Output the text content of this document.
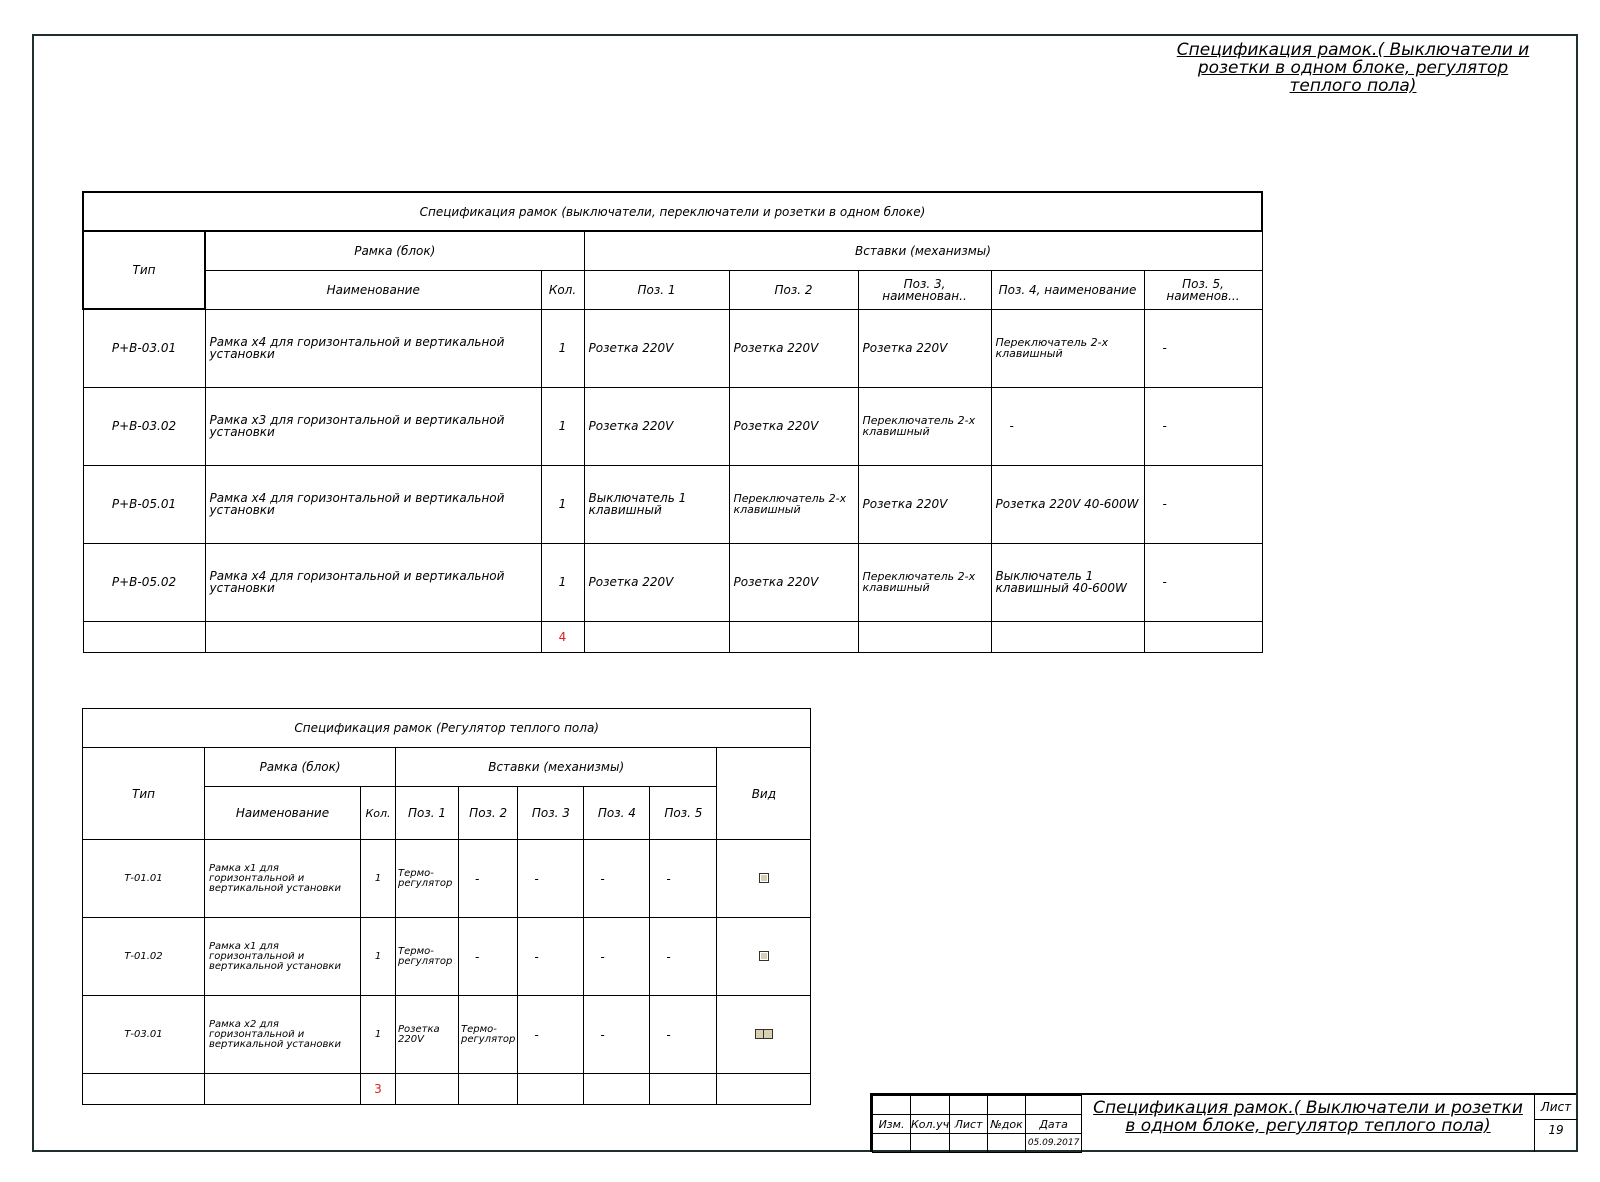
Спецификация рамок.( Выключатели и розетки в одном блоке, регулятор теплого пола)
Спецификация рамок (выключатели, переключатели и розетки в одном блоке)							
Тип	Рамка (блок)		Вставки (механизмы)				
	Наименование	Кол.	Поз. 1	Поз. 2	Поз. 3, наименован..	Поз. 4, наименование	Поз. 5, наименов...
Р+В-03.01	Рамка х4 для горизонтальной и вертикальной установки	1	Розетка 220V	Розетка 220V	Розетка 220V	Переключатель 2-х клавишный	-
Р+В-03.02	Рамка х3 для горизонтальной и вертикальной установки	1	Розетка 220V	Розетка 220V	Переключатель 2-х клавишный	-	-
Р+В-05.01	Рамка х4 для горизонтальной и вертикальной установки	1	Выключатель 1 клавишный	Переключатель 2-х клавишный	Розетка 220V	Розетка 220V 40-600W	-
Р+В-05.02	Рамка х4 для горизонтальной и вертикальной установки	1	Розетка 220V	Розетка 220V	Переключатель 2-х клавишный	Выключатель 1 клавишный 40-600W	-
		4					
Спецификация рамок (Регулятор теплого пола)								
Тип	Рамка (блок)		Вставки (механизмы)					Вид
	Наименование	Кол.	Поз. 1	Поз. 2	Поз. 3	Поз. 4	Поз. 5	
Т-01.01	Рамка х1 для горизонтальной и вертикальной установки	1	Термо-регулятор	-	-	-	-	
Т-01.02	Рамка х1 для горизонтальной и вертикальной установки	1	Термо-регулятор	-	-	-	-	
Т-03.01	Рамка х2 для горизонтальной и вертикальной установки	1	Розетка 220V	Термо-регулятор	-	-	-	
		3						

Изм.	Кол.уч	Лист	№док	Дата
				05.09.2017
Спецификация рамок.( Выключатели и розетки в одном блоке, регулятор теплого пола)
Лист
19
